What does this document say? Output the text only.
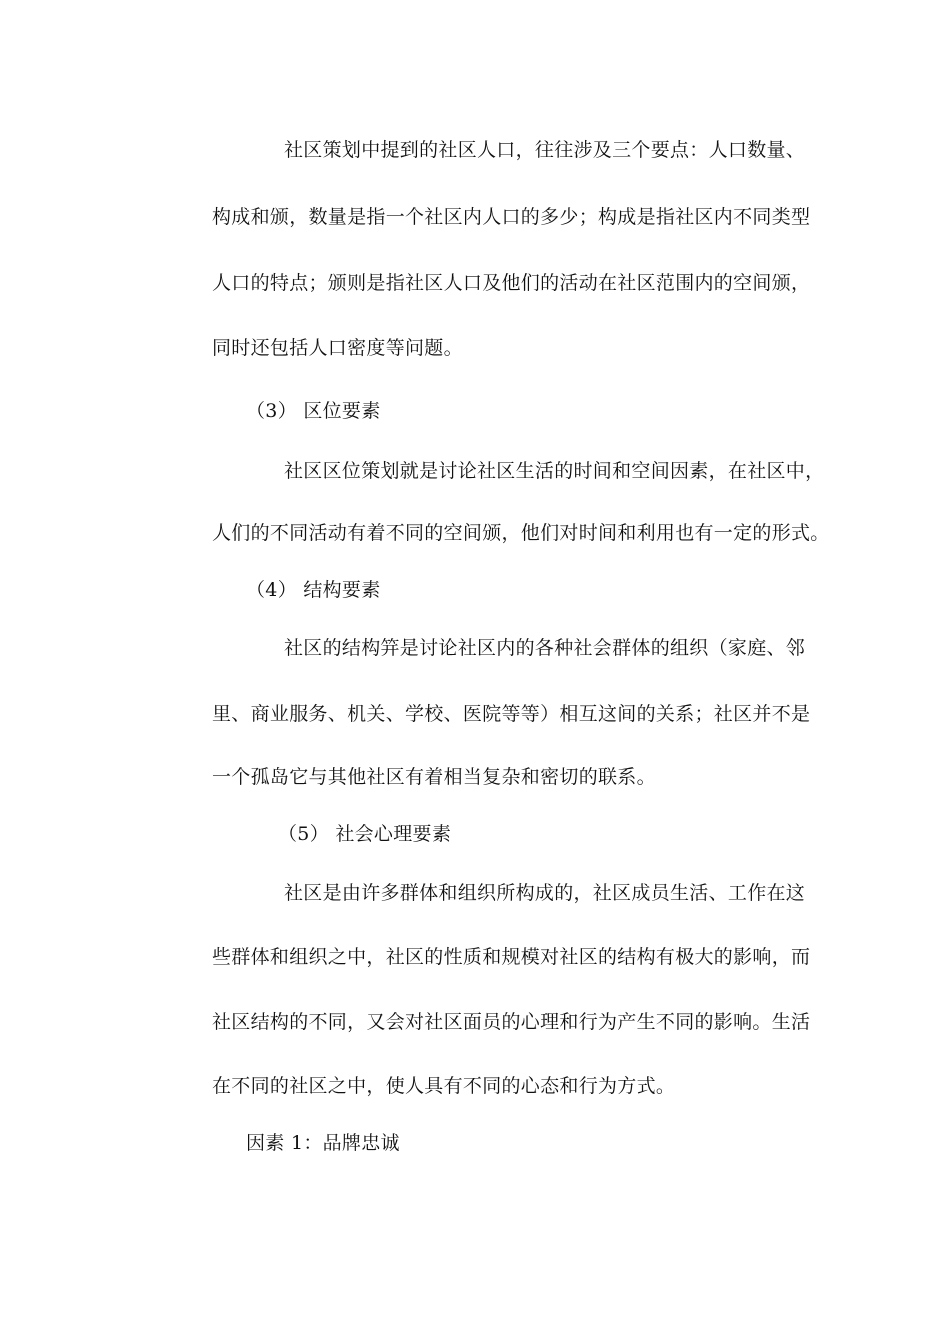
社区策划中提到的社区人口，往往涉及三个要点：人口数量、
构成和颁，数量是指一个社区内人口的多少；构成是指社区内不同类型
人口的特点；颁则是指社区人口及他们的活动在社区范围内的空间颁，
同时还包括人口密度等问题。
（3） 区位要素
社区区位策划就是讨论社区生活的时间和空间因素，在社区中，
人们的不同活动有着不同的空间颁，他们对时间和利用也有一定的形式。
（4） 结构要素
社区的结构笄是讨论社区内的各种社会群体的组织（家庭、邻
里、商业服务、机关、学校、医院等等）相互这间的关系；社区并不是
一个孤岛它与其他社区有着相当复杂和密切的联系。
（5） 社会心理要素
社区是由许多群体和组织所构成的，社区成员生活、工作在这
些群体和组织之中，社区的性质和规模对社区的结构有极大的影响，而
社区结构的不同，又会对社区面员的心理和行为产生不同的影响。生活
在不同的社区之中，使人具有不同的心态和行为方式。
因素 1：品牌忠诚
